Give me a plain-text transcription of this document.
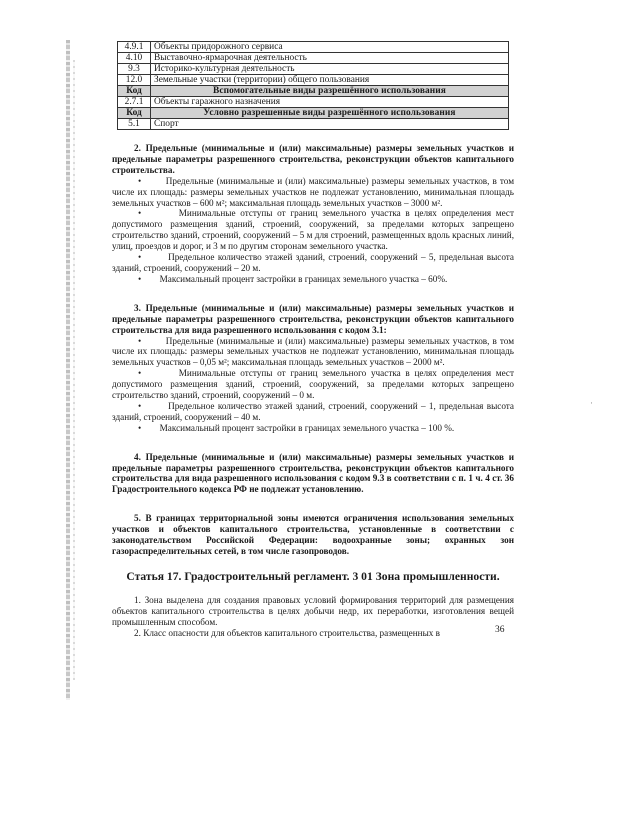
·
4.9.1	Объекты придорожного сервиса
4.10	Выставочно-ярмарочная деятельность
9.3	Историко-культурная деятельность
12.0	Земельные участки (территории) общего пользования
Код	Вспомогательные виды разрешённого использования
2.7.1	Объекты гаражного назначения
Код	Условно разрешенные виды разрешённого использования
5.1	Спорт

2. Предельные (минимальные и (или) максимальные) размеры земельных участков и предельные параметры разрешенного строительства, реконструкции объектов капитального строительства.

•	Предельные (минимальные и (или) максимальные) размеры земельных участков, в том числе их площадь: размеры земельных участков не подлежат установлению, минимальная площадь земельных участков – 600 м²; максимальная площадь земельных участков – 3000 м².

•	Минимальные отступы от границ земельного участка в целях определения мест допустимого размещения зданий, строений, сооружений, за пределами которых запрещено строительство зданий, строений, сооружений – 5 м для строений, размещенных вдоль красных линий, улиц, проездов и дорог, и 3 м по другим сторонам земельного участка.

•	Предельное количество этажей зданий, строений, сооружений – 5, предельная высота зданий, строений, сооружений – 20 м.

• Максимальный процент застройки в границах земельного участка – 60%.

3. Предельные (минимальные и (или) максимальные) размеры земельных участков и предельные параметры разрешенного строительства, реконструкции объектов капитального строительства для вида разрешенного использования с кодом 3.1:

•	Предельные (минимальные и (или) максимальные) размеры земельных участков, в том числе их площадь: размеры земельных участков не подлежат установлению, минимальная площадь земельных участков – 0,05 м²; максимальная площадь земельных участков – 2000 м².

•	Минимальные отступы от границ земельного участка в целях определения мест допустимого размещения зданий, строений, сооружений, за пределами которых запрещено строительство зданий, строений, сооружений – 0 м.

•	Предельное количество этажей зданий, строений, сооружений – 1, предельная высота зданий, строений, сооружений – 40 м.

• Максимальный процент застройки в границах земельного участка – 100 %.

4. Предельные (минимальные и (или) максимальные) размеры земельных участков и предельные параметры разрешенного строительства, реконструкции объектов капитального строительства для вида разрешенного использования с кодом 9.3 в соответствии с п. 1 ч. 4 ст. 36 Градостроительного кодекса РФ не подлежат установлению.

5. В границах территориальной зоны имеются ограничения использования земельных участков и объектов капитального строительства, установленные в соответствии с законодательством Российской Федерации: водоохранные зоны; охранных зон газораспределительных сетей, в том числе газопроводов.

Статья 17. Градостроительный регламент. 3 01 Зона промышленности.

1. Зона выделена для создания правовых условий формирования территорий для размещения объектов капитального строительства в целях добычи недр, их переработки, изготовления вещей промышленным способом.

2. Класс опасности для объектов капитального строительства, размещенных в	36
